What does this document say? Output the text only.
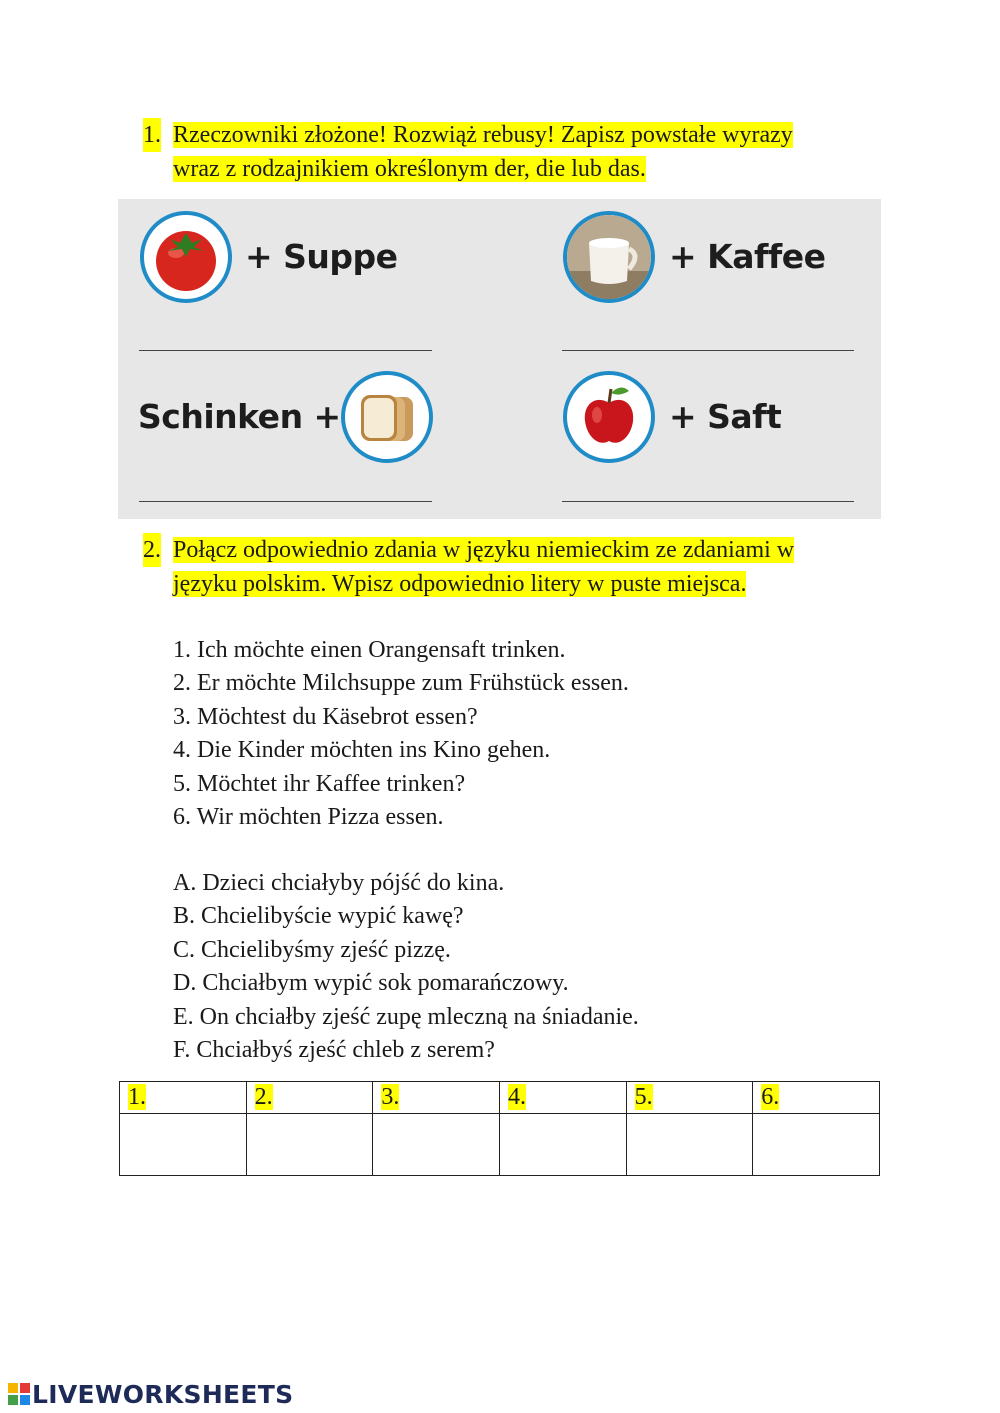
1. Rzeczowniki złożone! Rozwiąż rebusy! Zapisz powstałe wyrazy
wraz z rodzajnikiem określonym der, die lub das.
+ Suppe	+ Kaffee
Schinken +	+ Saft
2. Połącz odpowiednio zdania w języku niemieckim ze zdaniami w
języku polskim. Wpisz odpowiednio litery w puste miejsca.
1. Ich möchte einen Orangensaft trinken.
2. Er möchte Milchsuppe zum Frühstück essen.
3. Möchtest du Käsebrot essen?
4. Die Kinder möchten ins Kino gehen.
5. Möchtet ihr Kaffee trinken?
6. Wir möchten Pizza essen.
A. Dzieci chciałyby pójść do kina.
B. Chcielibyście wypić kawę?
C. Chcielibyśmy zjeść pizzę.
D. Chciałbym wypić sok pomarańczowy.
E. On chciałby zjeść zupę mleczną na śniadanie.
F. Chciałbyś zjeść chleb z serem?
1.	2.	3.	4.	5.	6.

LIVEWORKSHEETS
